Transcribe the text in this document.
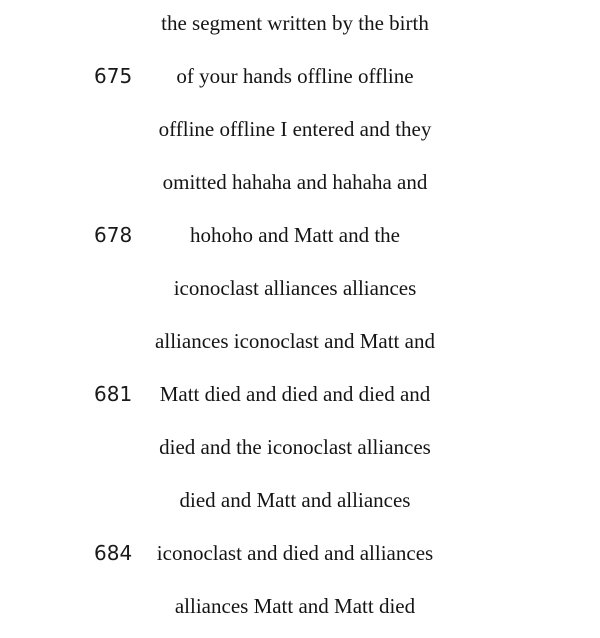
the segment written by the birth
675	of your hands offline offline
offline offline I entered and they
omitted hahaha and hahaha and
678	hohoho and Matt and the
iconoclast alliances alliances
alliances iconoclast and Matt and
681	Matt died and died and died and
died and the iconoclast alliances
died and Matt and alliances
684	iconoclast and died and alliances
alliances Matt and Matt died
